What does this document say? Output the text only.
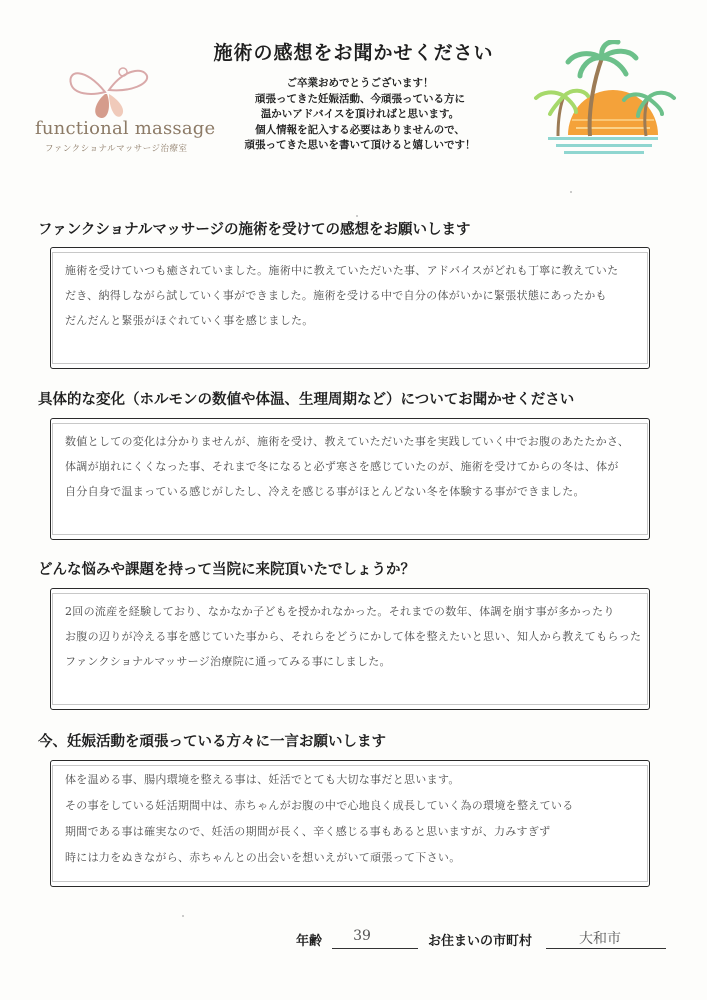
施術の感想をお聞かせください
ご卒業おめでとうございます！
頑張ってきた妊娠活動、今頑張っている方に
温かいアドバイスを頂ければと思います。
個人情報を記入する必要はありませんので、
頑張ってきた思いを書いて頂けると嬉しいです！
functional massage
ファンクショナルマッサージ治療室
ファンクショナルマッサージの施術を受けての感想をお願いします
施術を受けていつも癒されていました。施術中に教えていただいた事、アドバイスがどれも丁寧に教えていた
だき、納得しながら試していく事ができました。施術を受ける中で自分の体がいかに緊張状態にあったかも
だんだんと緊張がほぐれていく事を感じました。
具体的な変化（ホルモンの数値や体温、生理周期など）についてお聞かせください
数値としての変化は分かりませんが、施術を受け、教えていただいた事を実践していく中でお腹のあたたかさ、
体調が崩れにくくなった事、それまで冬になると必ず寒さを感じていたのが、施術を受けてからの冬は、体が
自分自身で温まっている感じがしたし、冷えを感じる事がほとんどない冬を体験する事ができました。
どんな悩みや課題を持って当院に来院頂いたでしょうか？
2回の流産を経験しており、なかなか子どもを授かれなかった。それまでの数年、体調を崩す事が多かったり
お腹の辺りが冷える事を感じていた事から、それらをどうにかして体を整えたいと思い、知人から教えてもらった
ファンクショナルマッサージ治療院に通ってみる事にしました。
今、妊娠活動を頑張っている方々に一言お願いします
体を温める事、腸内環境を整える事は、妊活でとても大切な事だと思います。
その事をしている妊活期間中は、赤ちゃんがお腹の中で心地良く成長していく為の環境を整えている
期間である事は確実なので、妊活の期間が長く、辛く感じる事もあると思いますが、力みすぎず
時には力をぬきながら、赤ちゃんとの出会いを想いえがいて頑張って下さい。
年齢	39	お住まいの市町村	大和市
